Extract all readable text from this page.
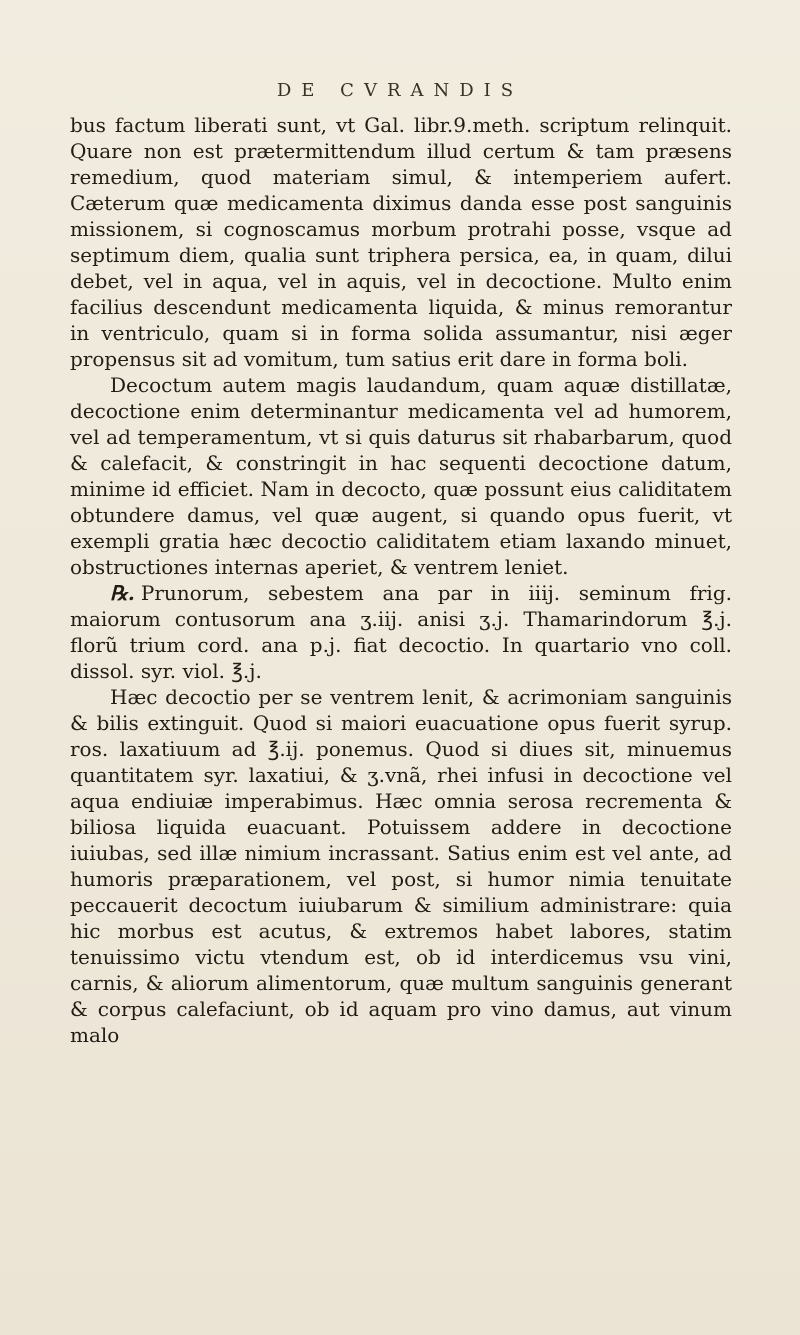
DE CVRANDIS

bus factum liberati sunt, vt Gal. libr.9.meth. scriptum relinquit. Quare non est prætermittendum illud certum & tam præsens remedium, quod materiam simul, & intemperiem aufert. Cæterum quæ medicamenta diximus danda esse post sanguinis missionem, si cognoscamus morbum protrahi posse, vsque ad septimum diem, qualia sunt triphera persica, ea, in quam, dilui debet, vel in aqua, vel in aquis, vel in decoctione. Multo enim facilius descendunt medicamenta liquida, & minus remorantur in ventriculo, quam si in forma solida assumantur, nisi æger propensus sit ad vomitum, tum satius erit dare in forma boli.

Decoctum autem magis laudandum, quam aquæ distillatæ, decoctione enim determinantur medicamenta vel ad humorem, vel ad temperamentum, vt si quis daturus sit rhabarbarum, quod & calefacit, & constringit in hac sequenti decoctione datum, minime id efficiet. Nam in decocto, quæ possunt eius caliditatem obtundere damus, vel quæ augent, si quando opus fuerit, vt exempli gratia hæc decoctio caliditatem etiam laxando minuet, obstructiones internas aperiet, & ventrem leniet.

℞. Prunorum, sebestem ana par in iiij. seminum frig. maiorum contusorum ana ʒ.iij. anisi ʒ.j. Thamarindorum ℥.j. florũ trium cord. ana p.j. fiat decoctio. In quartario vno coll. dissol. syr. viol. ℥.j.

Hæc decoctio per se ventrem lenit, & acrimoniam sanguinis & bilis extinguit. Quod si maiori euacuatione opus fuerit syrup. ros. laxatiuum ad ℥.ij. ponemus. Quod si diues sit, minuemus quantitatem syr. laxatiui, & ʒ.vnã, rhei infusi in decoctione vel aqua endiuiæ imperabimus. Hæc omnia serosa recrementa & biliosa liquida euacuant. Potuissem addere in decoctione iuiubas, sed illæ nimium incrassant. Satius enim est vel ante, ad humoris præparationem, vel post, si humor nimia tenuitate peccauerit decoctum iuiubarum & similium administrare: quia hic morbus est acutus, & extremos habet labores, statim tenuissimo victu vtendum est, ob id interdicemus vsu vini, carnis, & aliorum alimentorum, quæ multum sanguinis generant & corpus calefaciunt, ob id aquam pro vino damus, aut vinum malo
